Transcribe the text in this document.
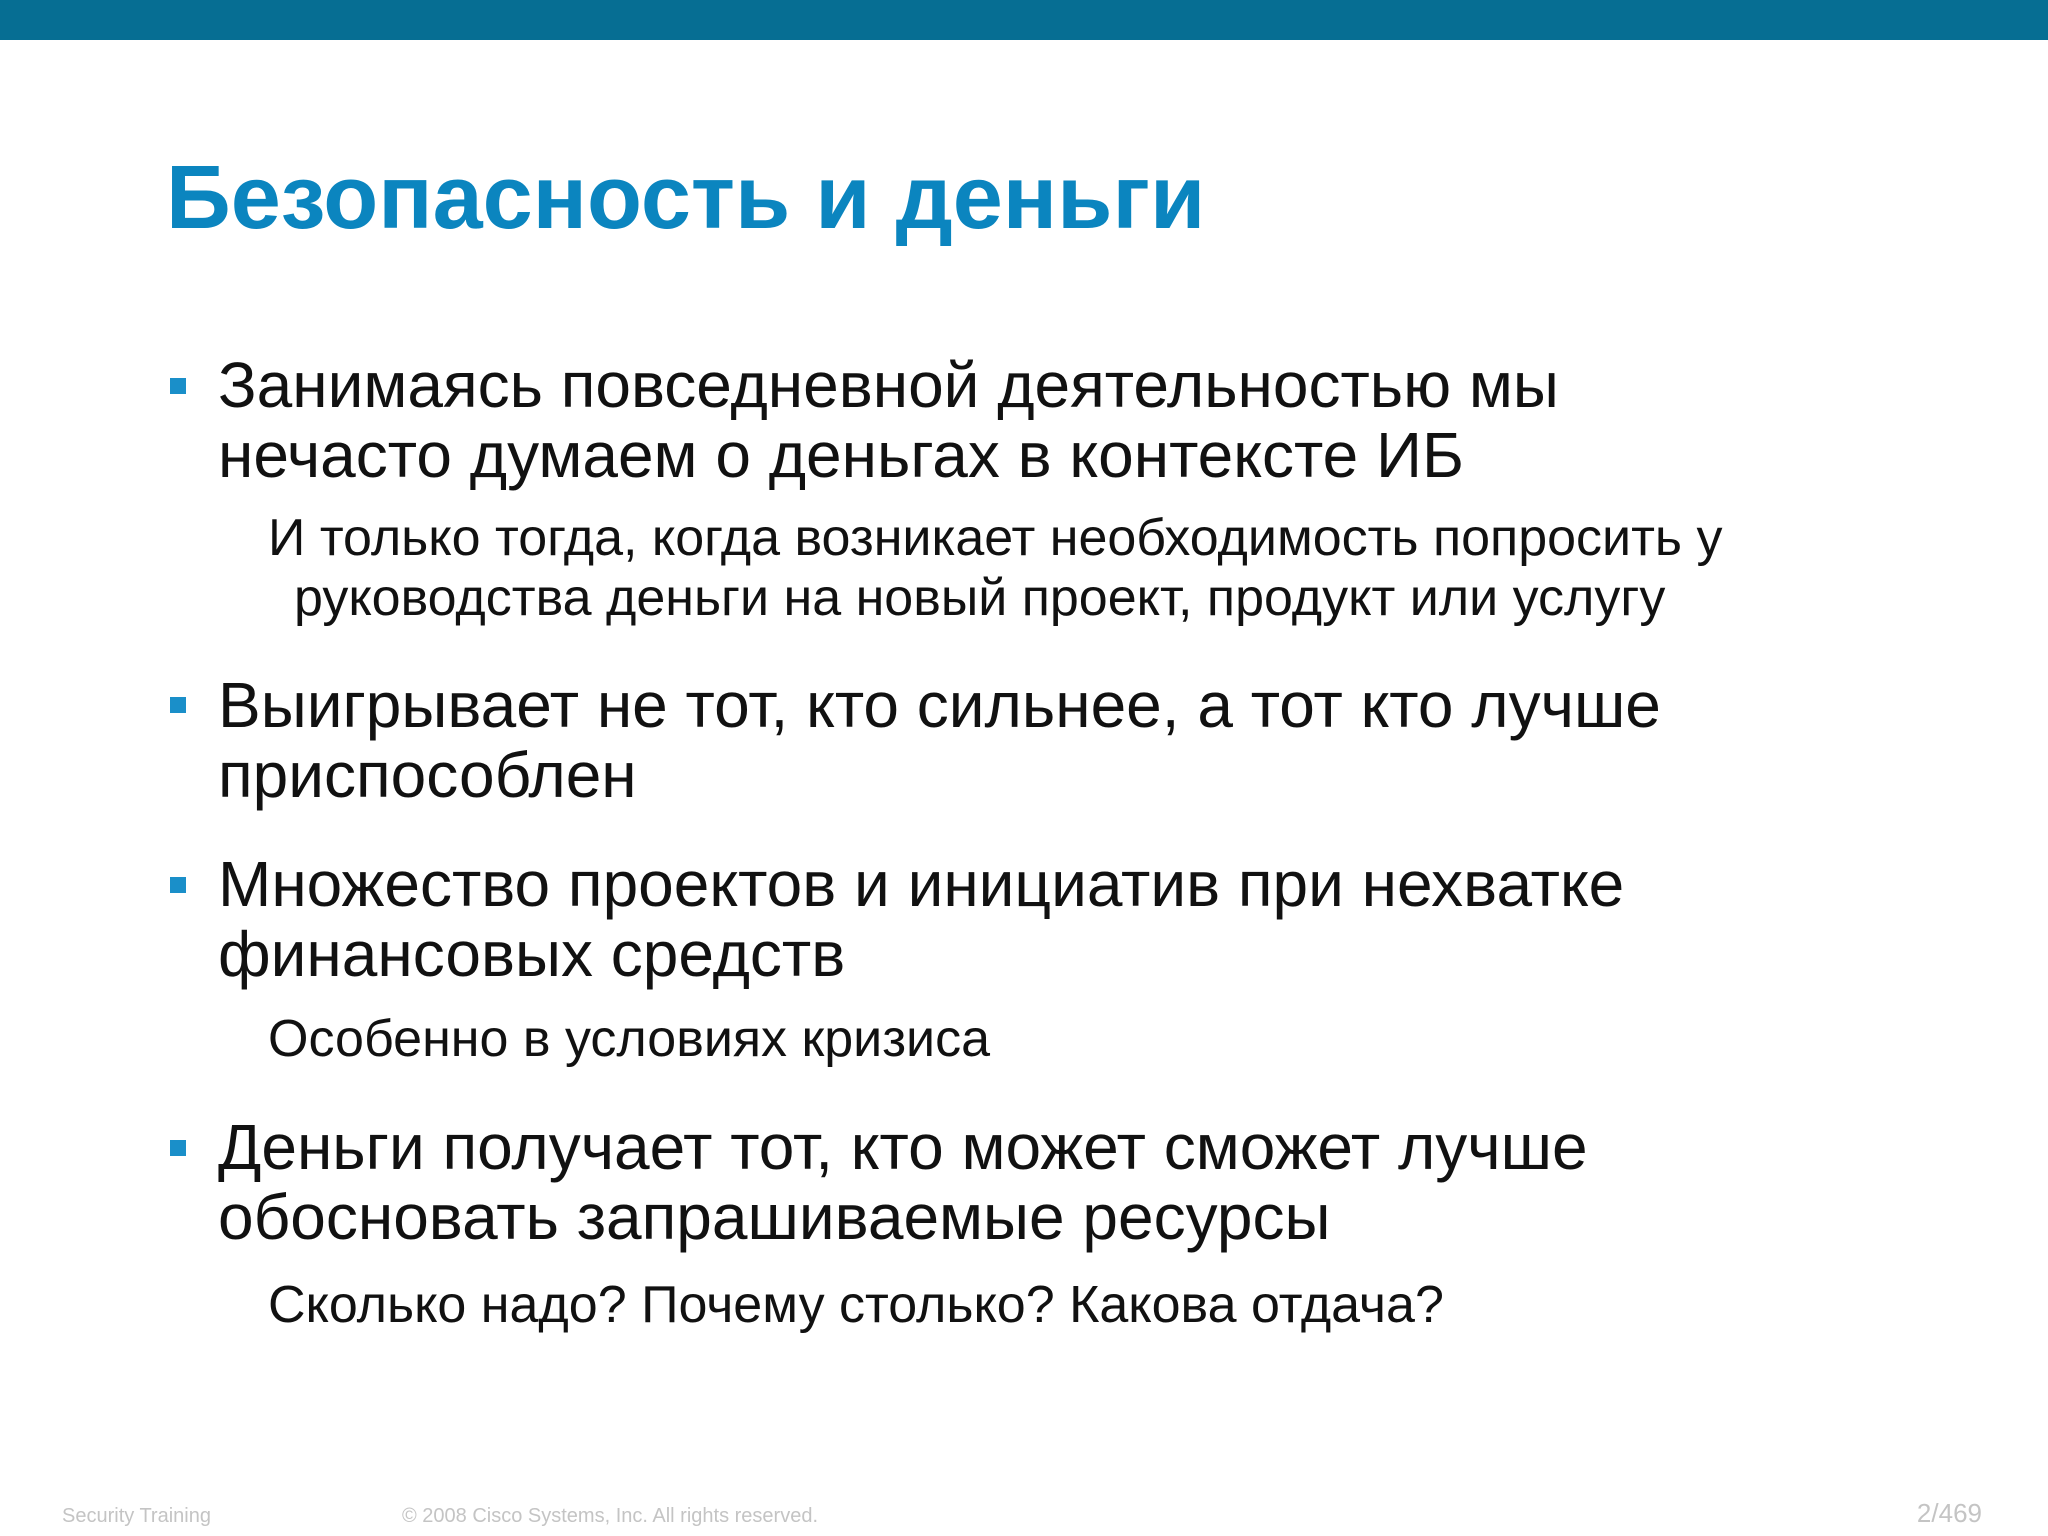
Безопасность и деньги

Занимаясь повседневной деятельностью мы
нечасто думаем о деньгах в контексте ИБ

И только тогда, когда возникает необходимость попросить у
руководства деньги на новый проект, продукт или услугу

Выигрывает не тот, кто сильнее, а тот кто лучше
приспособлен

Множество проектов и инициатив при нехватке
финансовых средств

Особенно в условиях кризиса

Деньги получает тот, кто может сможет лучше
обосновать запрашиваемые ресурсы

Сколько надо? Почему столько? Какова отдача?

Security Training	© 2008 Cisco Systems, Inc. All rights reserved.	2/469
